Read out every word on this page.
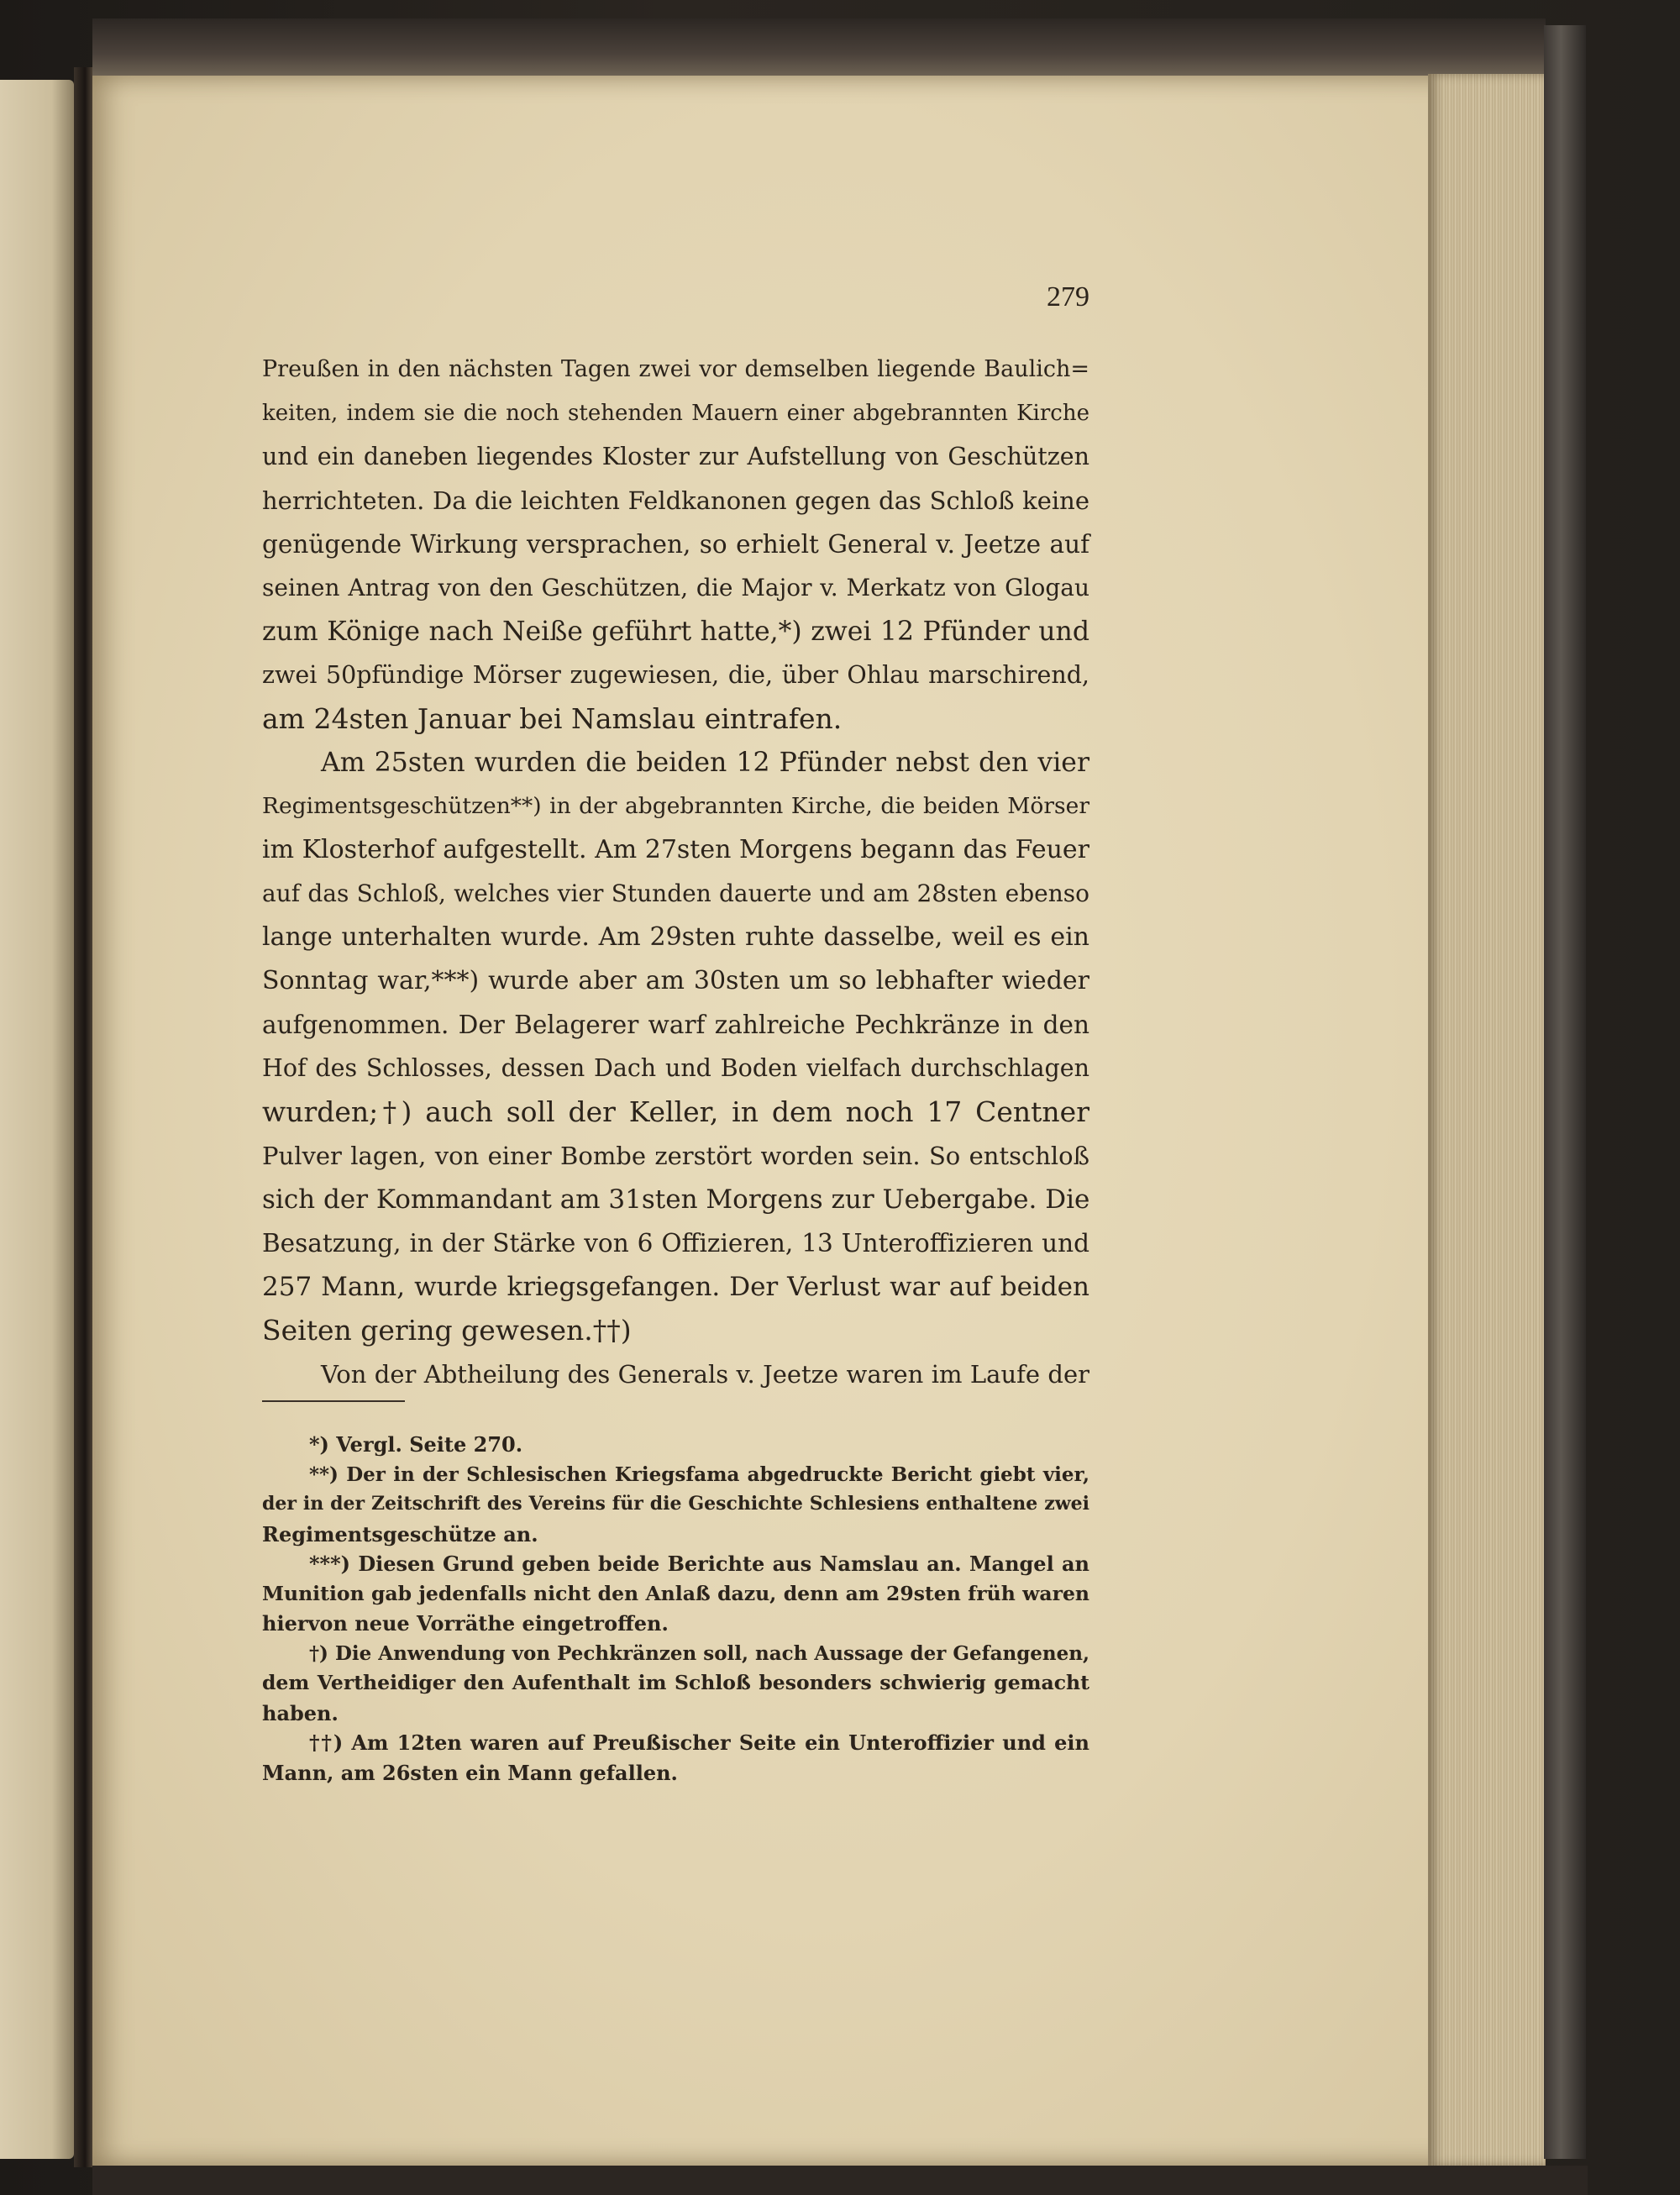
279
Preußen in den nächsten Tagen zwei vor demselben liegende Baulich=
keiten, indem sie die noch stehenden Mauern einer abgebrannten Kirche
und ein daneben liegendes Kloster zur Aufstellung von Geschützen
herrichteten. Da die leichten Feldkanonen gegen das Schloß keine
genügende Wirkung versprachen, so erhielt General v. Jeetze auf
seinen Antrag von den Geschützen, die Major v. Merkatz von Glogau
zum Könige nach Neiße geführt hatte,*) zwei 12 Pfünder und
zwei 50pfündige Mörser zugewiesen, die, über Ohlau marschirend,
am 24sten Januar bei Namslau eintrafen.
Am 25sten wurden die beiden 12 Pfünder nebst den vier
Regimentsgeschützen**) in der abgebrannten Kirche, die beiden Mörser
im Klosterhof aufgestellt. Am 27sten Morgens begann das Feuer
auf das Schloß, welches vier Stunden dauerte und am 28sten ebenso
lange unterhalten wurde. Am 29sten ruhte dasselbe, weil es ein
Sonntag war,***) wurde aber am 30sten um so lebhafter wieder
aufgenommen. Der Belagerer warf zahlreiche Pechkränze in den
Hof des Schlosses, dessen Dach und Boden vielfach durchschlagen
wurden;†) auch soll der Keller, in dem noch 17 Centner
Pulver lagen, von einer Bombe zerstört worden sein. So entschloß
sich der Kommandant am 31sten Morgens zur Uebergabe. Die
Besatzung, in der Stärke von 6 Offizieren, 13 Unteroffizieren und
257 Mann, wurde kriegsgefangen. Der Verlust war auf beiden
Seiten gering gewesen.††)
Von der Abtheilung des Generals v. Jeetze waren im Laufe der
*) Vergl. Seite 270.
**) Der in der Schlesischen Kriegsfama abgedruckte Bericht giebt vier,
der in der Zeitschrift des Vereins für die Geschichte Schlesiens enthaltene zwei
Regimentsgeschütze an.
***) Diesen Grund geben beide Berichte aus Namslau an. Mangel an
Munition gab jedenfalls nicht den Anlaß dazu, denn am 29sten früh waren
hiervon neue Vorräthe eingetroffen.
†) Die Anwendung von Pechkränzen soll, nach Aussage der Gefangenen,
dem Vertheidiger den Aufenthalt im Schloß besonders schwierig gemacht
haben.
††) Am 12ten waren auf Preußischer Seite ein Unteroffizier und ein
Mann, am 26sten ein Mann gefallen.
